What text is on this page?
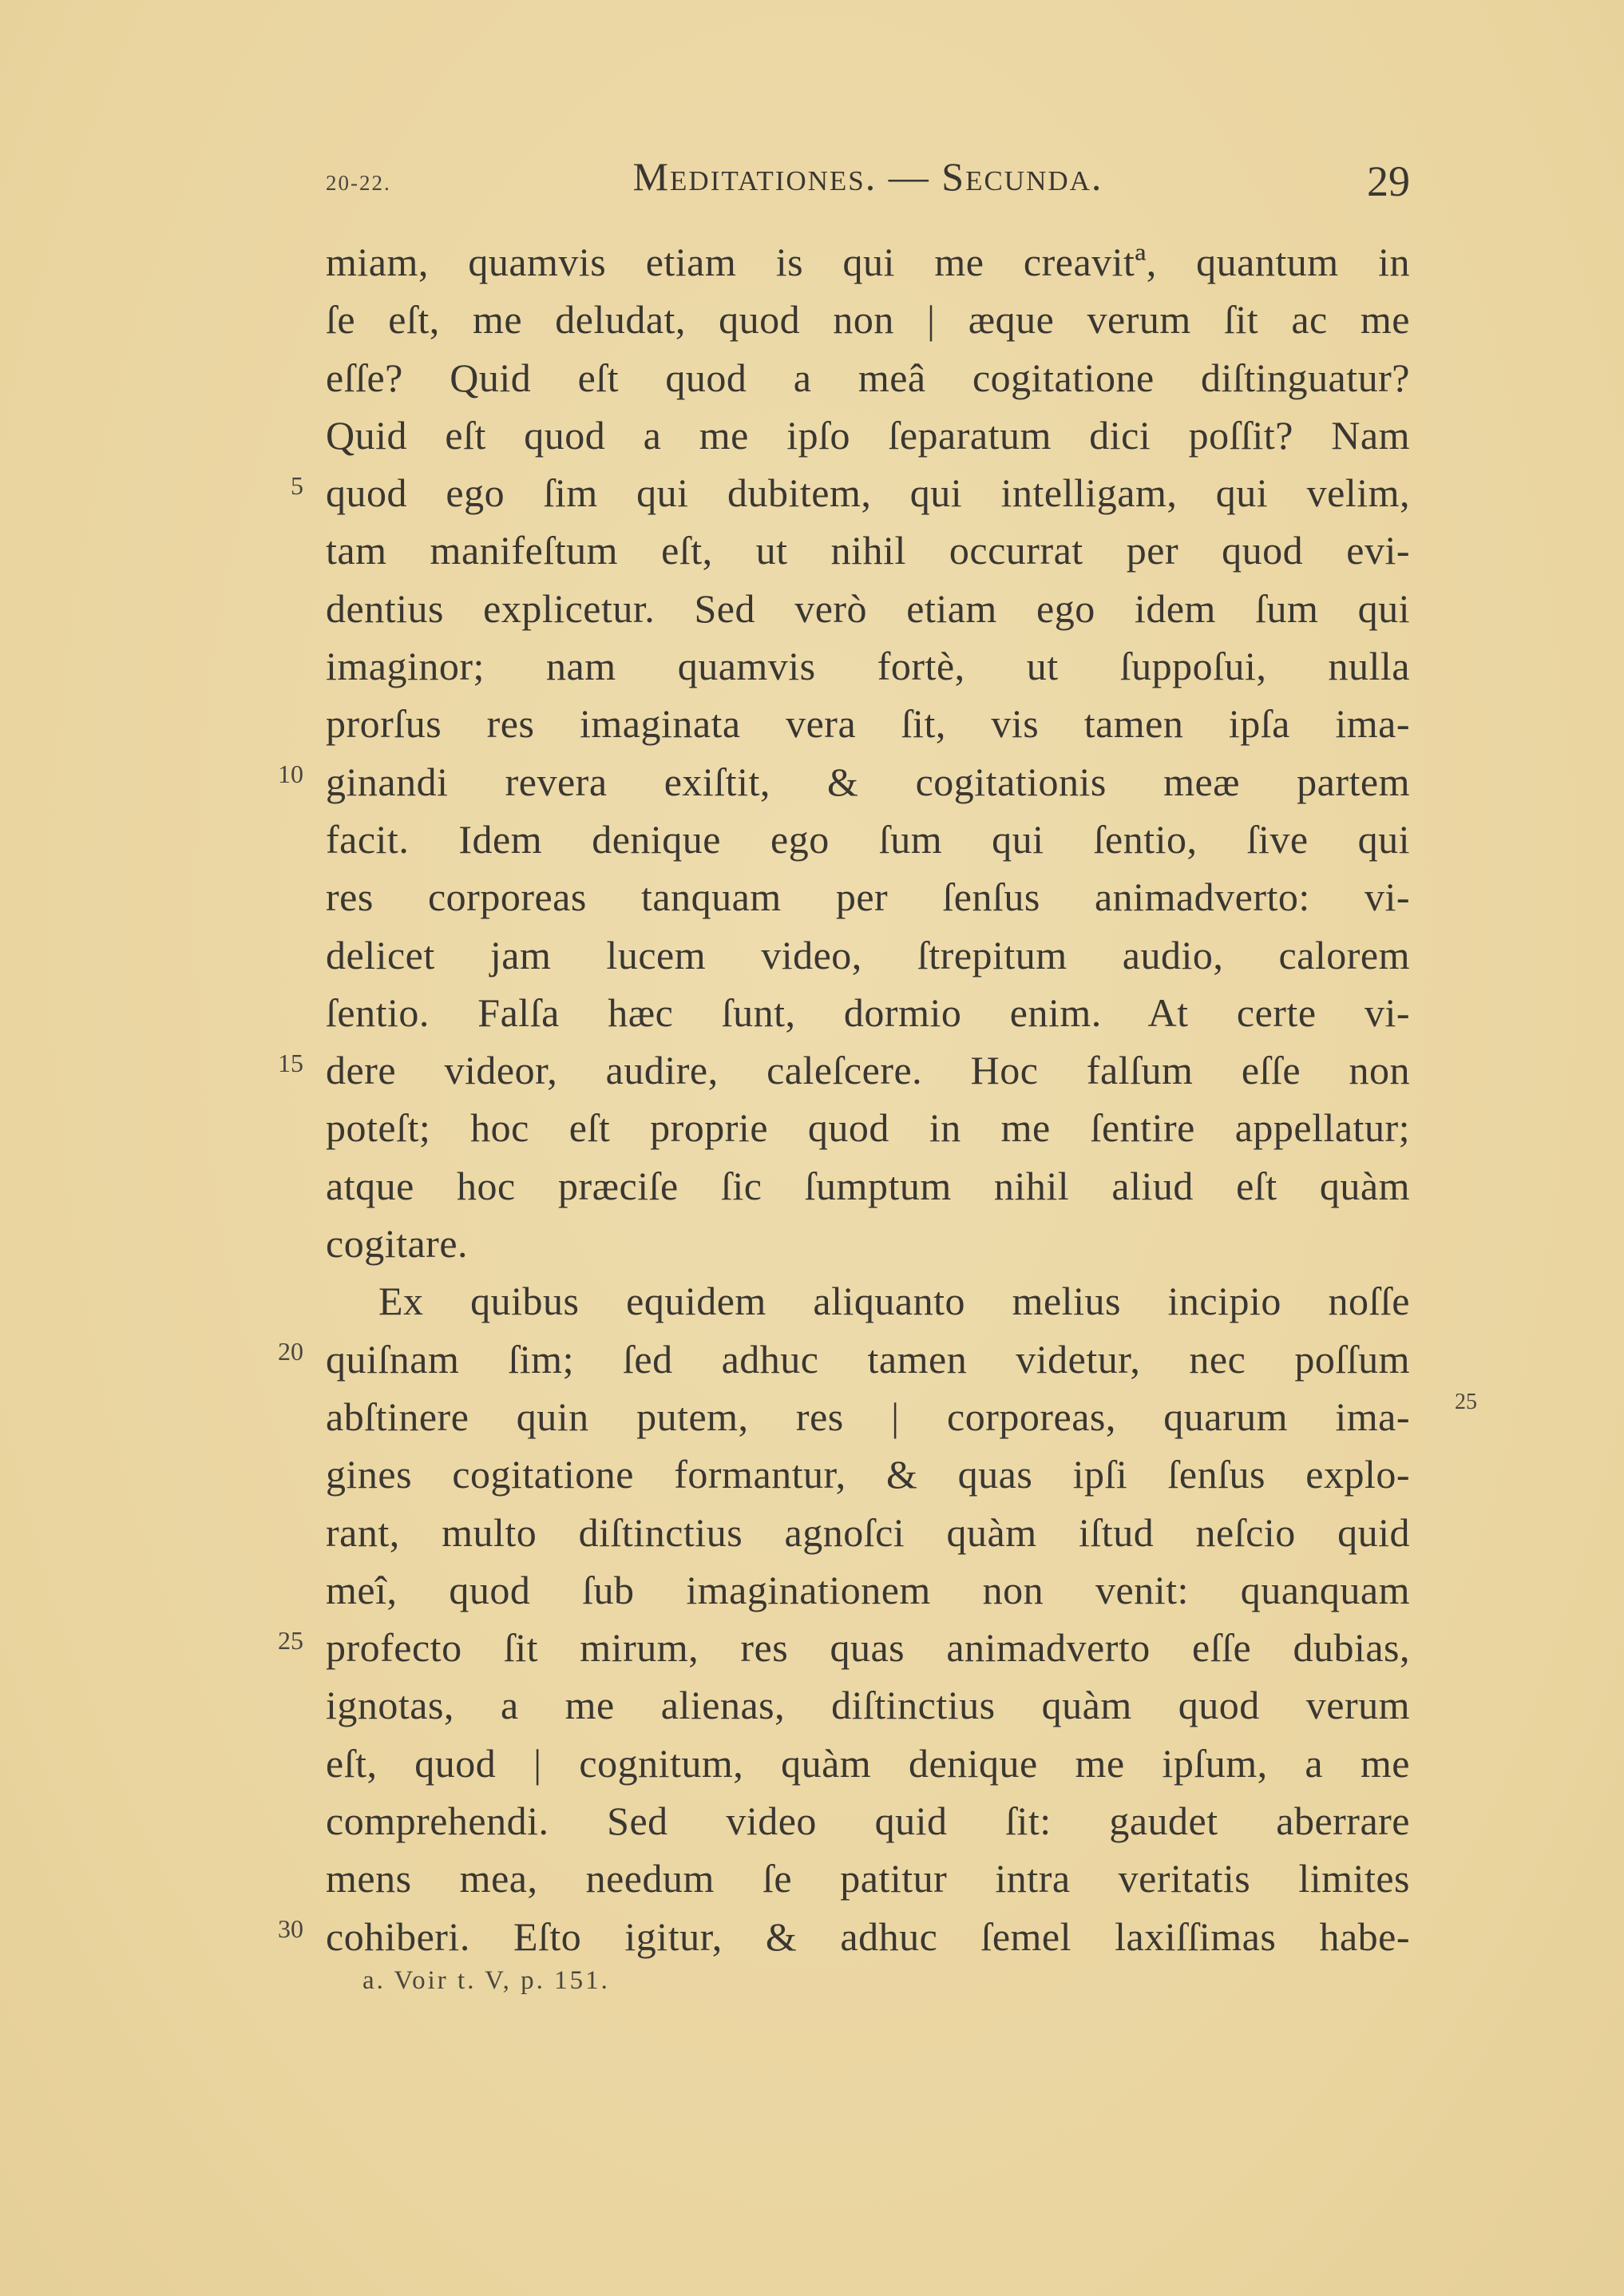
20-22.	Meditationes. — Secunda.	29
miam, quamvis etiam is qui me creavitª, quantum in
ſe eſt, me deludat, quod non | æque verum ſit ac me
eſſe? Quid eſt quod a meâ cogitatione diſtinguatur?
Quid eſt quod a me ipſo ſeparatum dici poſſit? Nam
quod ego ſim qui dubitem, qui intelligam, qui velim,
tam manifeſtum eſt, ut nihil occurrat per quod evi-
dentius explicetur. Sed verò etiam ego idem ſum qui
imaginor; nam quamvis fortè, ut ſuppoſui, nulla
prorſus res imaginata vera ſit, vis tamen ipſa ima-
ginandi revera exiſtit, & cogitationis meæ partem
facit. Idem denique ego ſum qui ſentio, ſive qui
res corporeas tanquam per ſenſus animadverto: vi-
delicet jam lucem video, ſtrepitum audio, calorem
ſentio. Falſa hæc ſunt, dormio enim. At certe vi-
dere videor, audire, caleſcere. Hoc falſum eſſe non
poteſt; hoc eſt proprie quod in me ſentire appellatur;
atque hoc præciſe ſic ſumptum nihil aliud eſt quàm
cogitare.
Ex quibus equidem aliquanto melius incipio noſſe
quiſnam ſim; ſed adhuc tamen videtur, nec poſſum
abſtinere quin putem, res | corporeas, quarum ima-
gines cogitatione formantur, & quas ipſi ſenſus explo-
rant, multo diſtinctius agnoſci quàm iſtud neſcio quid
meî, quod ſub imaginationem non venit: quanquam
profecto ſit mirum, res quas animadverto eſſe dubias,
ignotas, a me alienas, diſtinctius quàm quod verum
eſt, quod | cognitum, quàm denique me ipſum, a me
comprehendi. Sed video quid ſit: gaudet aberrare
mens mea, needum ſe patitur intra veritatis limites
cohiberi. Eſto igitur, & adhuc ſemel laxiſſimas habe-
5
10
15
20
25
30
25
a. Voir t. V, p. 151.
